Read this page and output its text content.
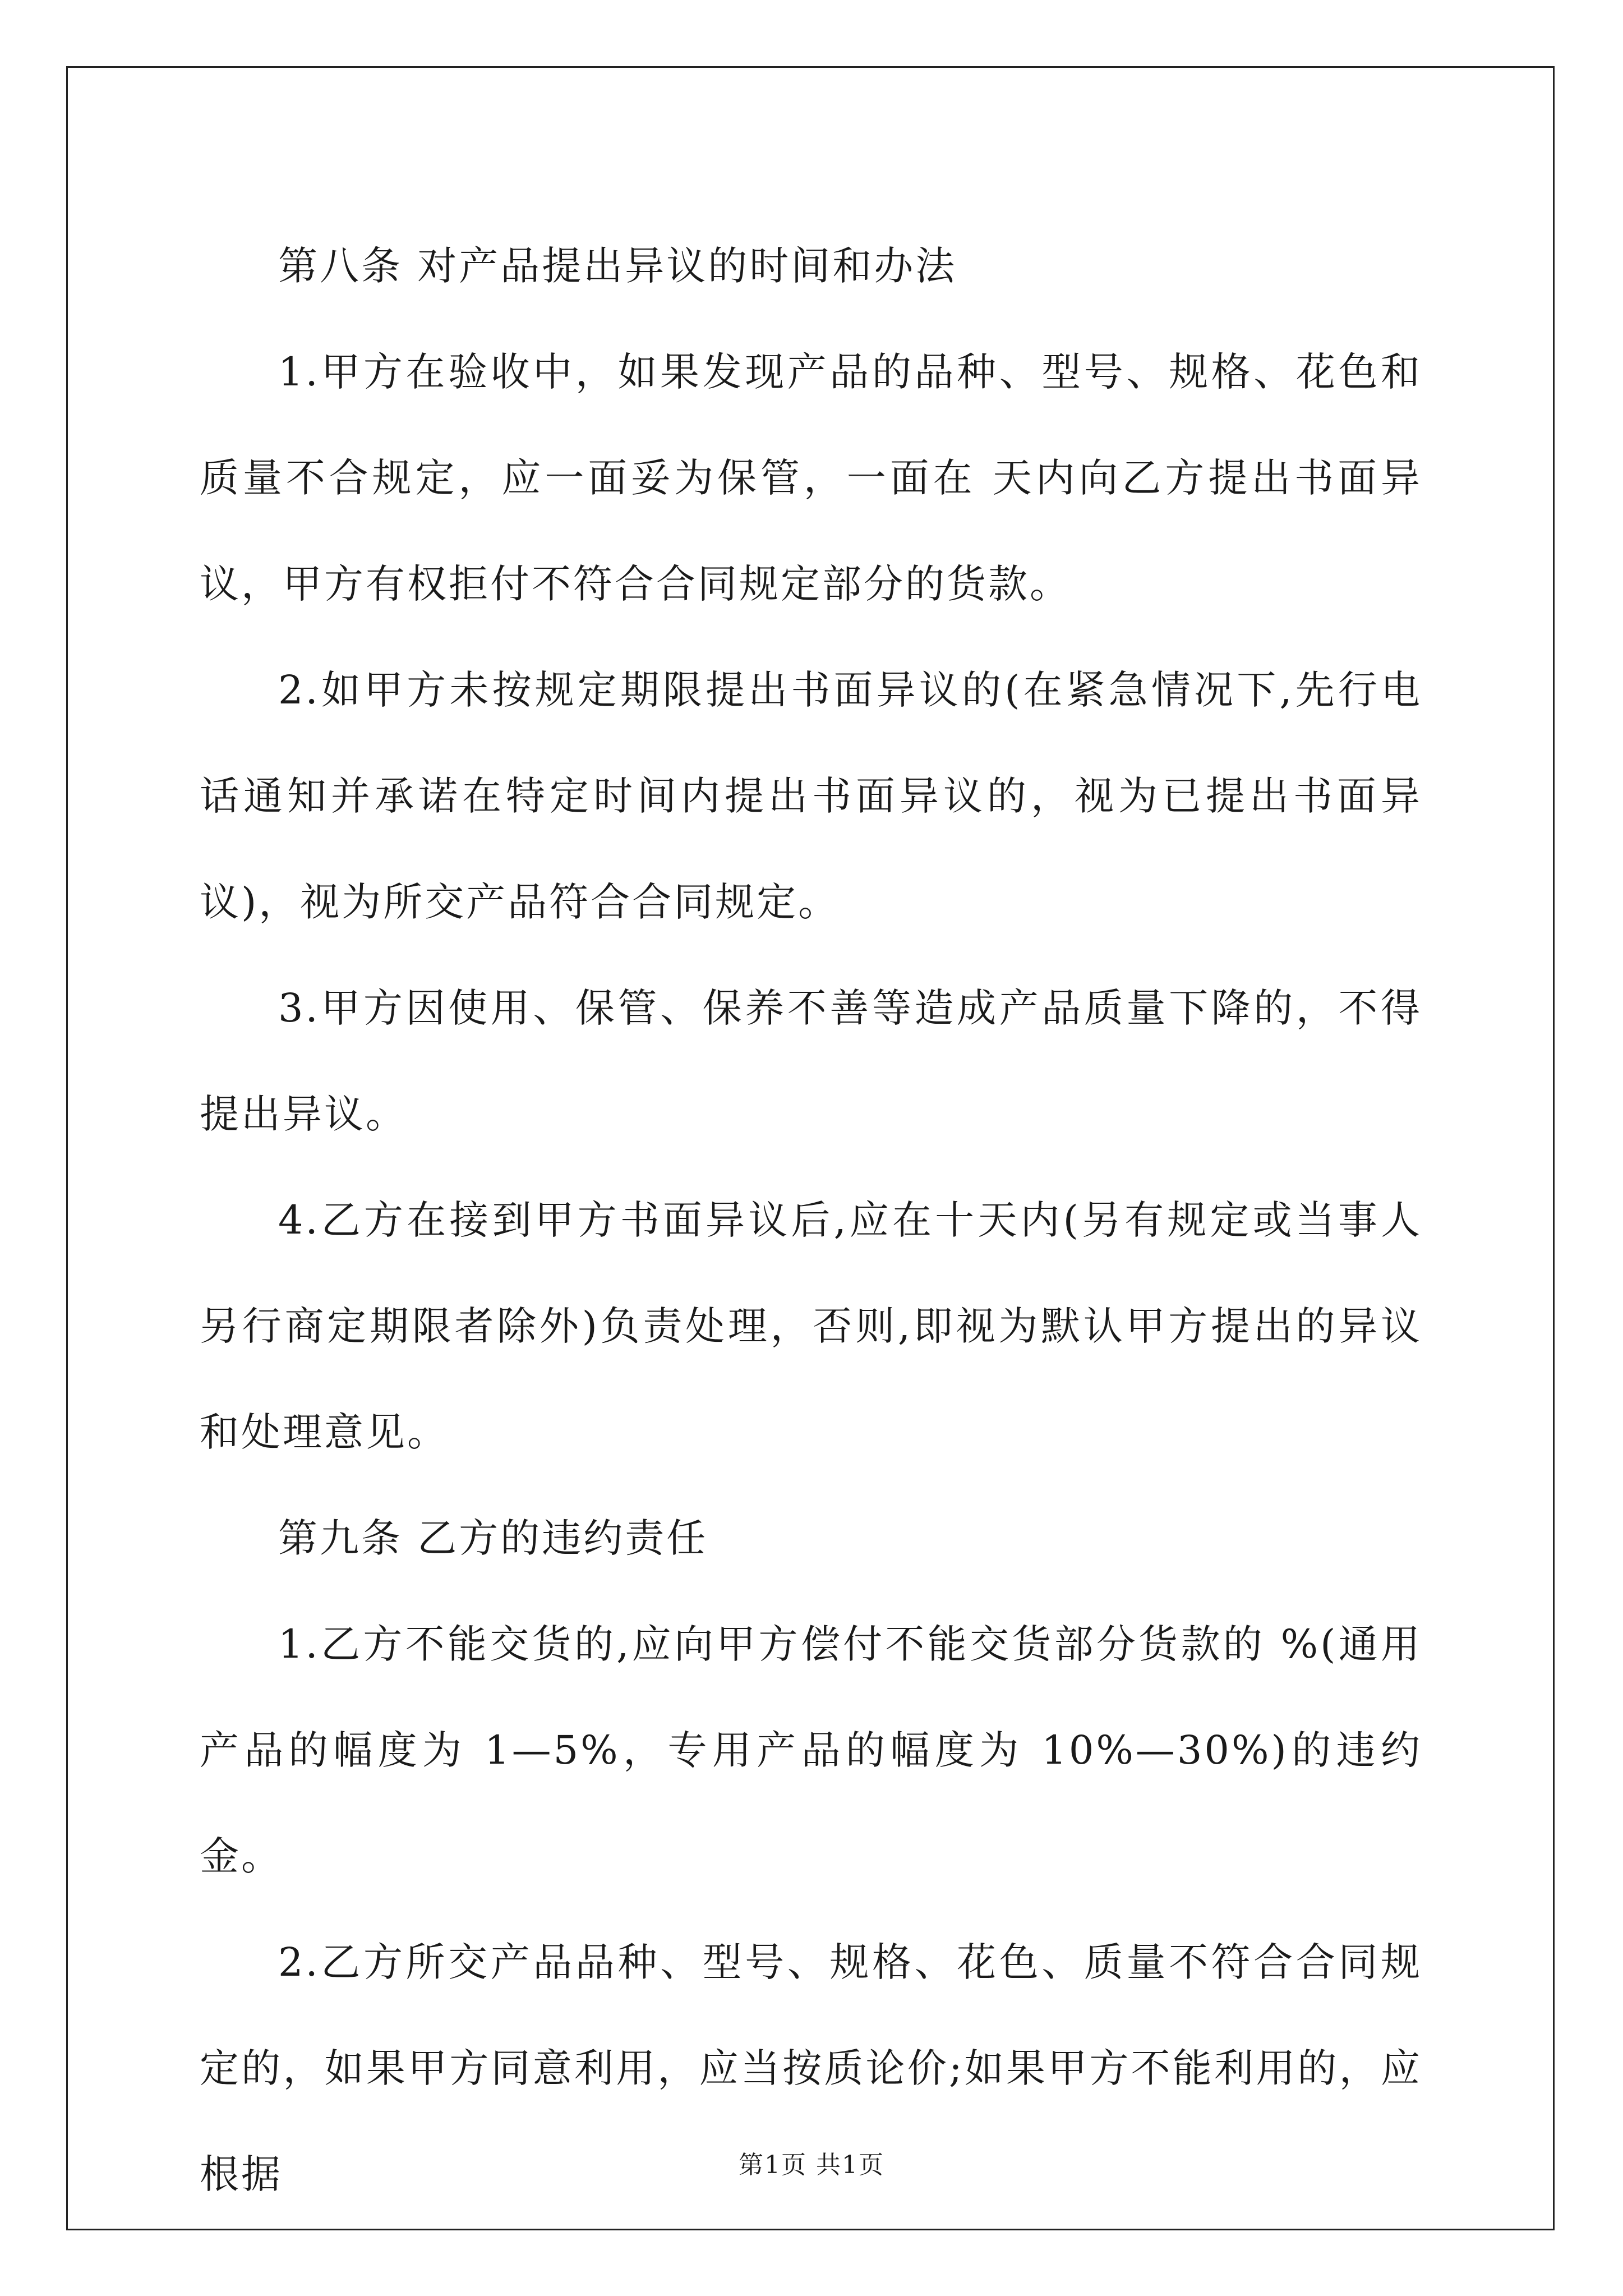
第八条 对产品提出异议的时间和办法

1.甲方在验收中，如果发现产品的品种、型号、规格、花色和质量不合规定，应一面妥为保管，一面在 天内向乙方提出书面异议，甲方有权拒付不符合合同规定部分的货款。

2.如甲方未按规定期限提出书面异议的(在紧急情况下,先行电话通知并承诺在特定时间内提出书面异议的，视为已提出书面异议)，视为所交产品符合合同规定。

3.甲方因使用、保管、保养不善等造成产品质量下降的，不得提出异议。

4.乙方在接到甲方书面异议后,应在十天内(另有规定或当事人另行商定期限者除外)负责处理，否则,即视为默认甲方提出的异议和处理意见。

第九条 乙方的违约责任

1.乙方不能交货的,应向甲方偿付不能交货部分货款的 %(通用产品的幅度为 1—5%，专用产品的幅度为 10%—30%)的违约金。

2.乙方所交产品品种、型号、规格、花色、质量不符合合同规定的，如果甲方同意利用，应当按质论价;如果甲方不能利用的，应根据	第1页 共1页
